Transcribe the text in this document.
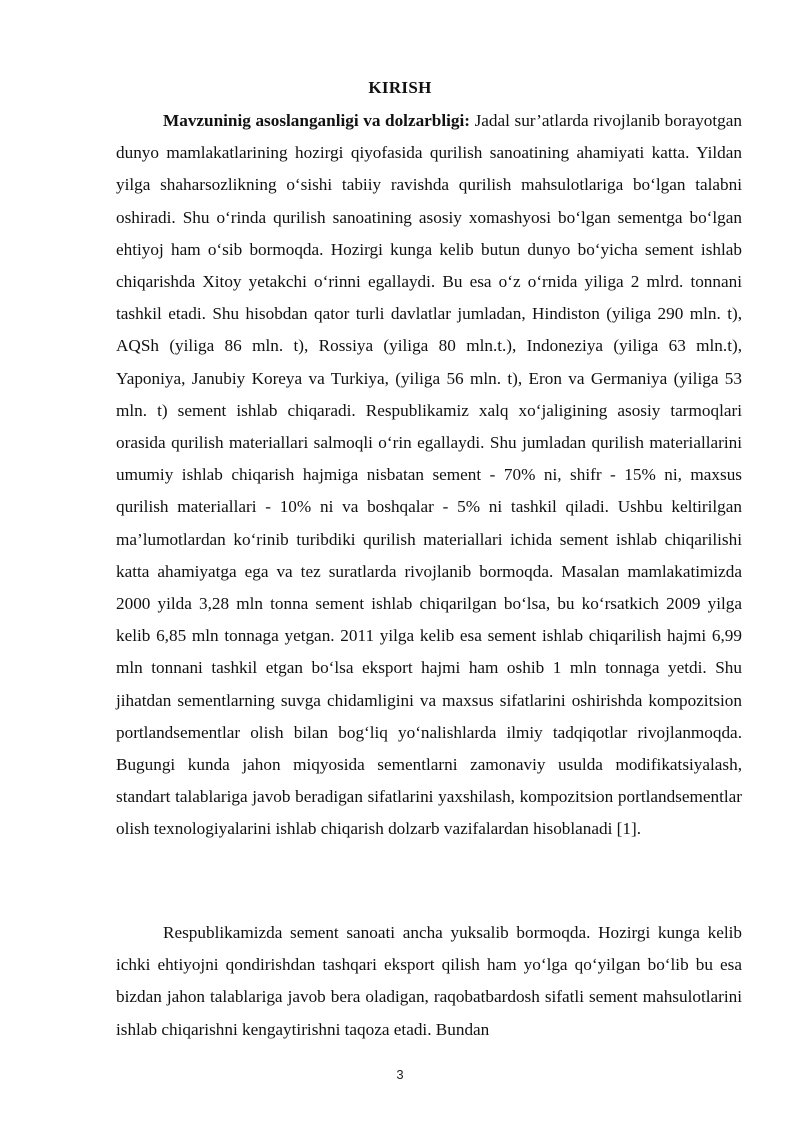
KIRISH

Mavzuninig asoslanganligi va dolzarbligi: Jadal sur’atlarda rivojlanib borayotgan dunyo mamlakatlarining hozirgi qiyofasida qurilish sanoatining ahamiyati katta. Yildan yilga shaharsozlikning o‘sishi tabiiy ravishda qurilish mahsulotlariga bo‘lgan talabni oshiradi. Shu o‘rinda qurilish sanoatining asosiy xomashyosi bo‘lgan sementga bo‘lgan ehtiyoj ham o‘sib bormoqda. Hozirgi kunga kelib butun dunyo bo‘yicha sement ishlab chiqarishda Xitoy yetakchi o‘rinni egallaydi. Bu esa o‘z o‘rnida yiliga 2 mlrd. tonnani tashkil etadi. Shu hisobdan qator turli davlatlar jumladan, Hindiston (yiliga 290 mln. t), AQSh (yiliga 86 mln. t), Rossiya (yiliga 80 mln.t.), Indoneziya (yiliga 63 mln.t), Yaponiya, Janubiy Koreya va Turkiya, (yiliga 56 mln. t), Eron va Germaniya (yiliga 53 mln. t) sement ishlab chiqaradi. Respublikamiz xalq xo‘jaligining asosiy tarmoqlari orasida qurilish materiallari salmoqli o‘rin egallaydi. Shu jumladan qurilish materiallarini umumiy ishlab chiqarish hajmiga nisbatan sement - 70% ni, shifr - 15% ni, maxsus qurilish materiallari - 10% ni va boshqalar - 5% ni tashkil qiladi. Ushbu keltirilgan ma’lumotlardan ko‘rinib turibdiki qurilish materiallari ichida sement ishlab chiqarilishi katta ahamiyatga ega va tez suratlarda rivojlanib bormoqda. Masalan mamlakatimizda 2000 yilda 3,28 mln tonna sement ishlab chiqarilgan bo‘lsa, bu ko‘rsatkich 2009 yilga kelib 6,85 mln tonnaga yetgan. 2011 yilga kelib esa sement ishlab chiqarilish hajmi 6,99 mln tonnani tashkil etgan bo‘lsa eksport hajmi ham oshib 1 mln tonnaga yetdi. Shu jihatdan sementlarning suvga chidamligini va maxsus sifatlarini oshirishda kompozitsion portlandsementlar olish bilan bog‘liq yo‘nalishlarda ilmiy tadqiqotlar rivojlanmoqda. Bugungi kunda jahon miqyosida sementlarni zamonaviy usulda modifikatsiyalash, standart talablariga javob beradigan sifatlarini yaxshilash, kompozitsion portlandsementlar olish texnologiyalarini ishlab chiqarish dolzarb vazifalardan hisoblanadi [1].

Respublikamizda sement sanoati ancha yuksalib bormoqda. Hozirgi kunga kelib ichki ehtiyojni qondirishdan tashqari eksport qilish ham yo‘lga qo‘yilgan bo‘lib bu esa bizdan jahon talablariga javob bera oladigan, raqobatbardosh sifatli sement mahsulotlarini ishlab chiqarishni kengaytirishni taqoza etadi. Bundan

3
